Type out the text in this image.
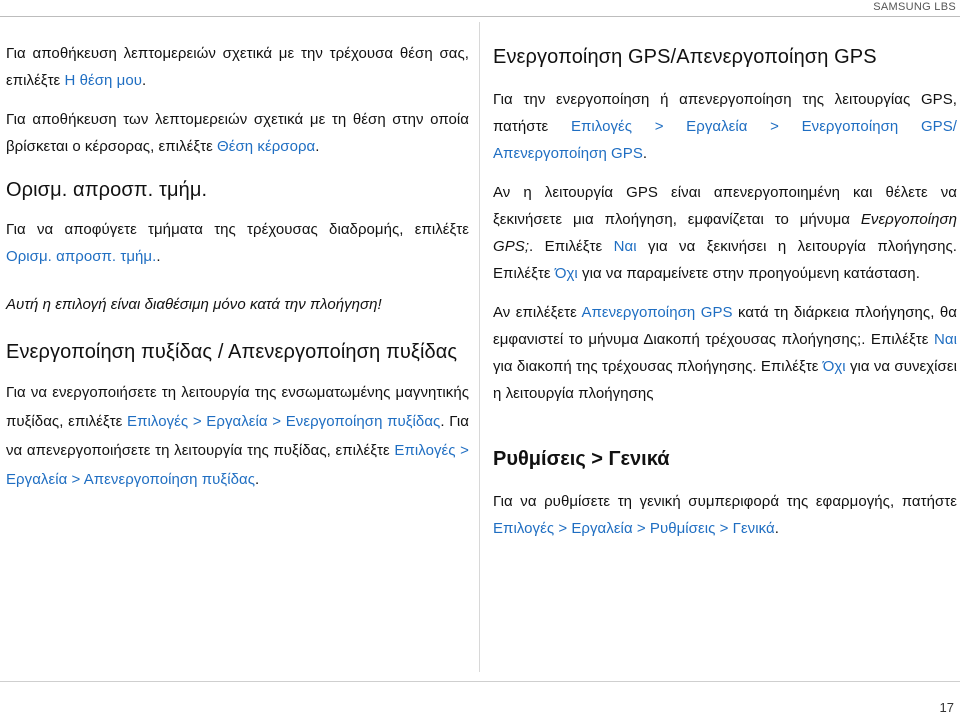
SAMSUNG LBS

Για αποθήκευση λεπτομερειών σχετικά με την τρέχουσα θέση σας, επιλέξτε Η θέση μου.

Για αποθήκευση των λεπτομερειών σχετικά με τη θέση στην οποία βρίσκεται ο κέρσορας, επιλέξτε Θέση κέρσορα.

Ορισμ. απροσπ. τμήμ.

Για να αποφύγετε τμήματα της τρέχουσας διαδρομής, επιλέξτε Ορισμ. απροσπ. τμήμ..

Αυτή η επιλογή είναι διαθέσιμη μόνο κατά την πλοήγηση!

Ενεργοποίηση πυξίδας / Απενεργοποίηση πυξίδας

Για να ενεργοποιήσετε τη λειτουργία της ενσωματωμένης μαγνητικής πυξίδας, επιλέξτε Επιλογές > Εργαλεία > Ενεργοποίηση πυξίδας. Για να απενεργοποιήσετε τη λειτουργία της πυξίδας, επιλέξτε Επιλογές > Εργαλεία > Απενεργοποίηση πυξίδας.

Ενεργοποίηση GPS/Απενεργοποίηση GPS

Για την ενεργοποίηση ή απενεργοποίηση της λειτουργίας GPS, πατήστε Επιλογές > Εργαλεία > Ενεργοποίηση GPS/ Απενεργοποίηση GPS.

Αν η λειτουργία GPS είναι απενεργοποιημένη και θέλετε να ξεκινήσετε μια πλοήγηση, εμφανίζεται το μήνυμα Ενεργοποίηση GPS;. Επιλέξτε Ναι για να ξεκινήσει η λειτουργία πλοήγησης. Επιλέξτε Όχι για να παραμείνετε στην προηγούμενη κατάσταση.

Αν επιλέξετε Απενεργοποίηση GPS κατά τη διάρκεια πλοήγησης, θα εμφανιστεί το μήνυμα Διακοπή τρέχουσας πλοήγησης;. Επιλέξτε Ναι για διακοπή της τρέχουσας πλοήγησης. Επιλέξτε Όχι για να συνεχίσει η λειτουργία πλοήγησης

Ρυθμίσεις > Γενικά

Για να ρυθμίσετε τη γενική συμπεριφορά της εφαρμογής, πατήστε Επιλογές > Εργαλεία > Ρυθμίσεις > Γενικά.

17
